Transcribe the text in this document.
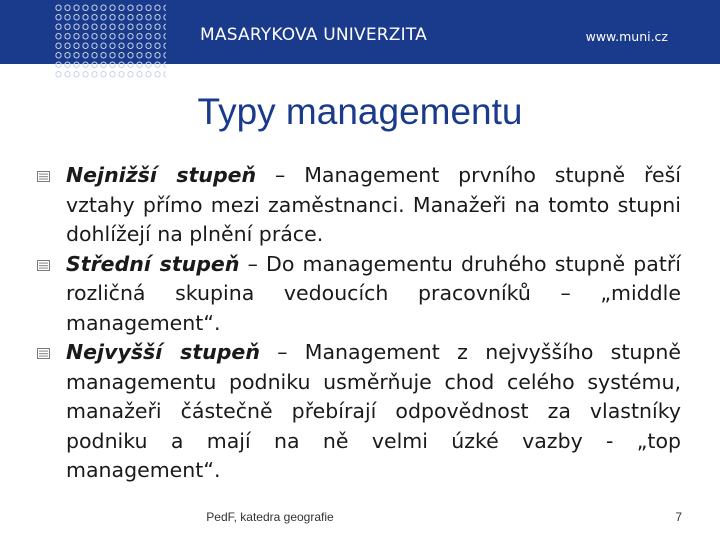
MASARYKOVA UNIVERZITA	www.muni.cz
Typy managementu
Nejnižší stupeň – Management prvního stupně řeší vztahy přímo mezi zaměstnanci. Manažeři na tomto stupni dohlížejí na plnění práce.
Střední stupeň – Do managementu druhého stupně patří rozličná skupina vedoucích pracovníků – „middle management“.
Nejvyšší stupeň – Management z nejvyššího stupně managementu podniku usměrňuje chod celého systému, manažeři částečně přebírají odpovědnost za vlastníky podniku a mají na ně velmi úzké vazby - „top management“.
PedF, katedra geografie	7
